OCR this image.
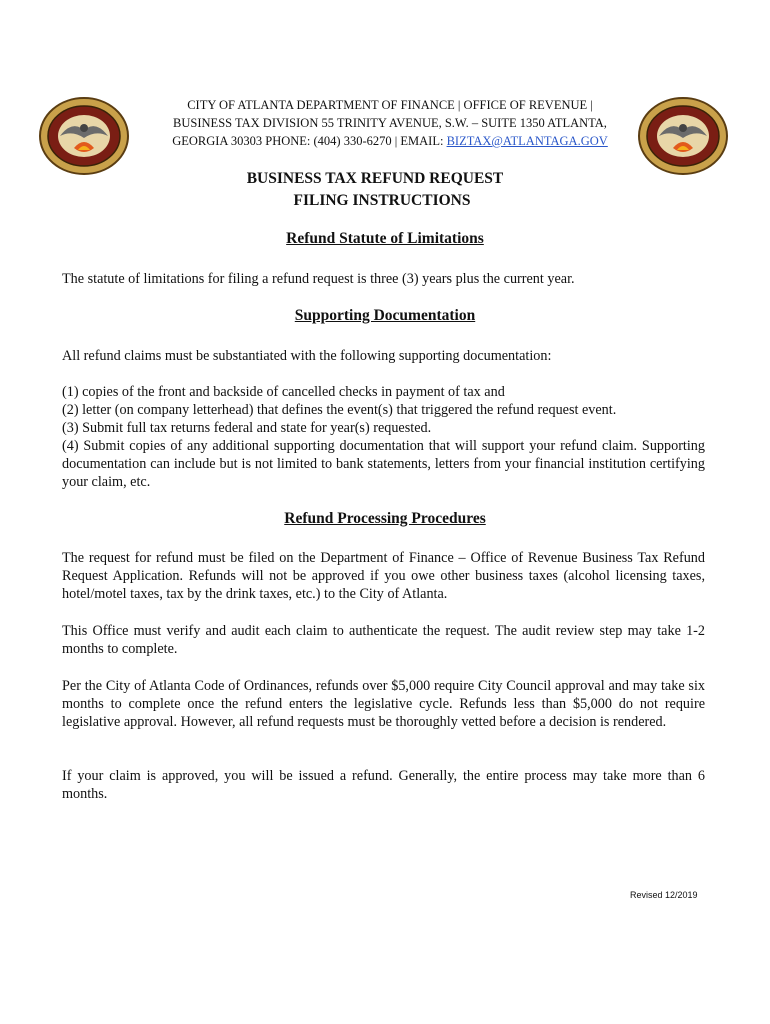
CITY OF ATLANTA DEPARTMENT OF FINANCE | OFFICE OF REVENUE |
BUSINESS TAX DIVISION 55 TRINITY AVENUE, S.W. – SUITE 1350 ATLANTA,
GEORGIA 30303 PHONE: (404) 330-6270 | EMAIL: BIZTAX@ATLANTAGA.GOV
BUSINESS TAX REFUND REQUEST
FILING INSTRUCTIONS
Refund Statute of Limitations
The statute of limitations for filing a refund request is three (3) years plus the current year.
Supporting Documentation
All refund claims must be substantiated with the following supporting documentation:
(1) copies of the front and backside of cancelled checks in payment of tax and
(2) letter (on company letterhead) that defines the event(s) that triggered the refund request event.
(3) Submit full tax returns federal and state for year(s) requested.
(4) Submit copies of any additional supporting documentation that will support your refund claim. Supporting documentation can include but is not limited to bank statements, letters from your financial institution certifying your claim, etc.
Refund Processing Procedures
The request for refund must be filed on the Department of Finance – Office of Revenue Business Tax Refund Request Application. Refunds will not be approved if you owe other business taxes (alcohol licensing taxes, hotel/motel taxes, tax by the drink taxes, etc.) to the City of Atlanta.
This Office must verify and audit each claim to authenticate the request. The audit review step may take 1-2 months to complete.
Per the City of Atlanta Code of Ordinances, refunds over $5,000 require City Council approval and may take six months to complete once the refund enters the legislative cycle. Refunds less than $5,000 do not require legislative approval. However, all refund requests must be thoroughly vetted before a decision is rendered.
If your claim is approved, you will be issued a refund. Generally, the entire process may take more than 6 months.
Revised 12/2019
